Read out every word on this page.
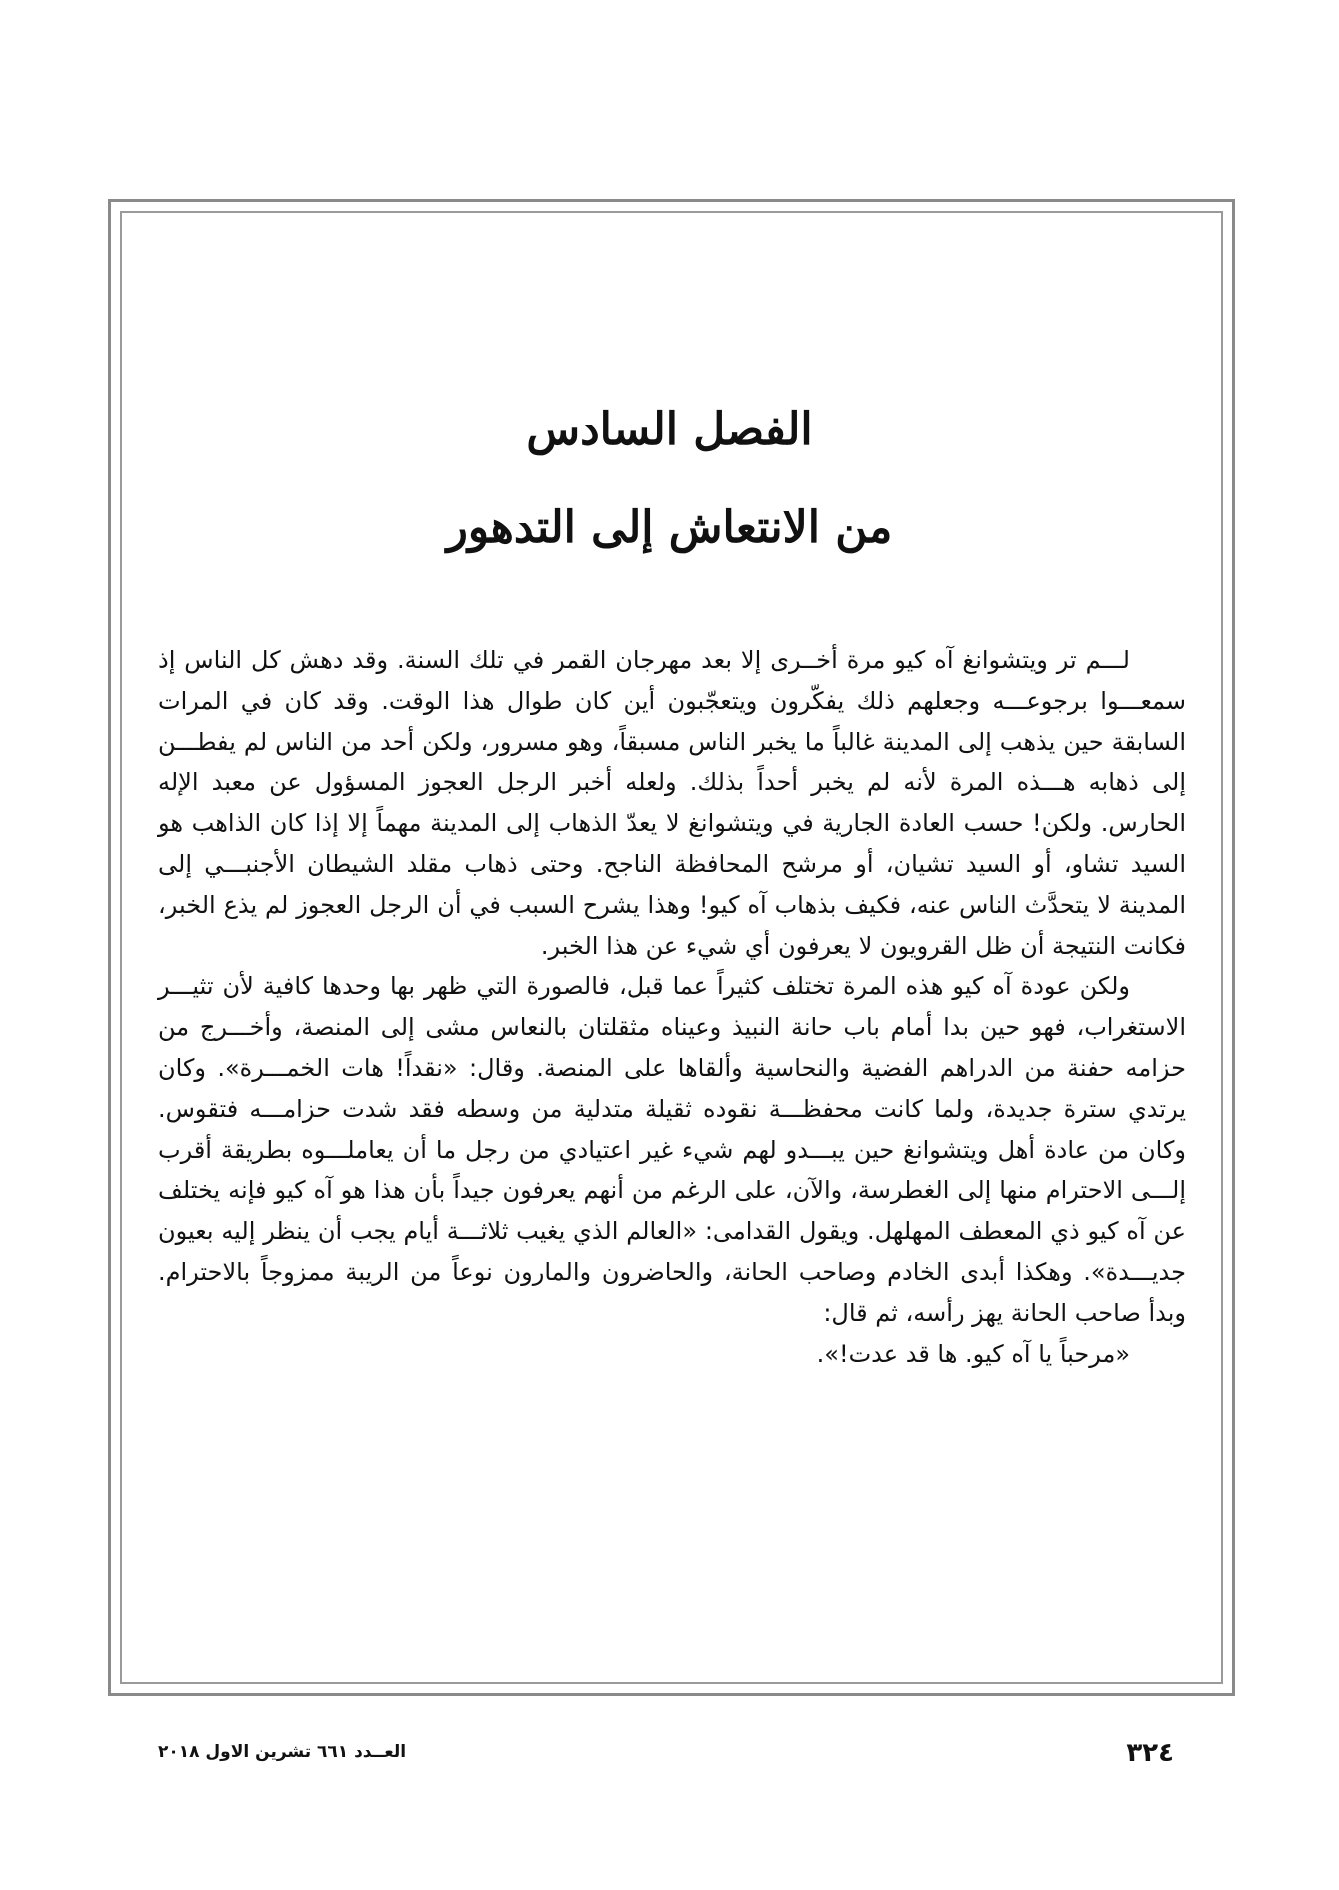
الفصل السادس
من الانتعاش إلى التدهور

لـــم تر ويتشوانغ آه كيو مرة أخــرى إلا بعد مهرجان القمر في تلك السنة. وقد دهش كل الناس إذ سمعـــوا برجوعـــه وجعلهم ذلك يفكّرون ويتعجّبون أين كان طوال هذا الوقت. وقد كان في المرات السابقة حين يذهب إلى المدينة غالباً ما يخبر الناس مسبقاً، وهو مسرور، ولكن أحد من الناس لم يفطـــن إلى ذهابه هـــذه المرة لأنه لم يخبر أحداً بذلك. ولعله أخبر الرجل العجوز المسؤول عن معبد الإله الحارس. ولكن! حسب العادة الجارية في ويتشوانغ لا يعدّ الذهاب إلى المدينة مهماً إلا إذا كان الذاهب هو السيد تشاو، أو السيد تشيان، أو مرشح المحافظة الناجح. وحتى ذهاب مقلد الشيطان الأجنبـــي إلى المدينة لا يتحدَّث الناس عنه، فكيف بذهاب آه كيو! وهذا يشرح السبب في أن الرجل العجوز لم يذع الخبر، فكانت النتيجة أن ظل القرويون لا يعرفون أي شيء عن هذا الخبر.

ولكن عودة آه كيو هذه المرة تختلف كثيراً عما قبل، فالصورة التي ظهر بها وحدها كافية لأن تثيـــر الاستغراب، فهو حين بدا أمام باب حانة النبيذ وعيناه مثقلتان بالنعاس مشى إلى المنصة، وأخـــرج من حزامه حفنة من الدراهم الفضية والنحاسية وألقاها على المنصة. وقال: «نقداً! هات الخمـــرة». وكان يرتدي سترة جديدة، ولما كانت محفظـــة نقوده ثقيلة متدلية من وسطه فقد شدت حزامـــه فتقوس. وكان من عادة أهل ويتشوانغ حين يبـــدو لهم شيء غير اعتيادي من رجل ما أن يعاملـــوه بطريقة أقرب إلـــى الاحترام منها إلى الغطرسة، والآن، على الرغم من أنهم يعرفون جيداً بأن هذا هو آه كيو فإنه يختلف عن آه كيو ذي المعطف المهلهل. ويقول القدامى: «العالم الذي يغيب ثلاثـــة أيام يجب أن ينظر إليه بعيون جديـــدة». وهكذا أبدى الخادم وصاحب الحانة، والحاضرون والمارون نوعاً من الريبة ممزوجاً بالاحترام. وبدأ صاحب الحانة يهز رأسه، ثم قال:

«مرحباً يا آه كيو. ها قد عدت!».

٣٢٤
العــدد ٦٦١ تشرين الاول ٢٠١٨
